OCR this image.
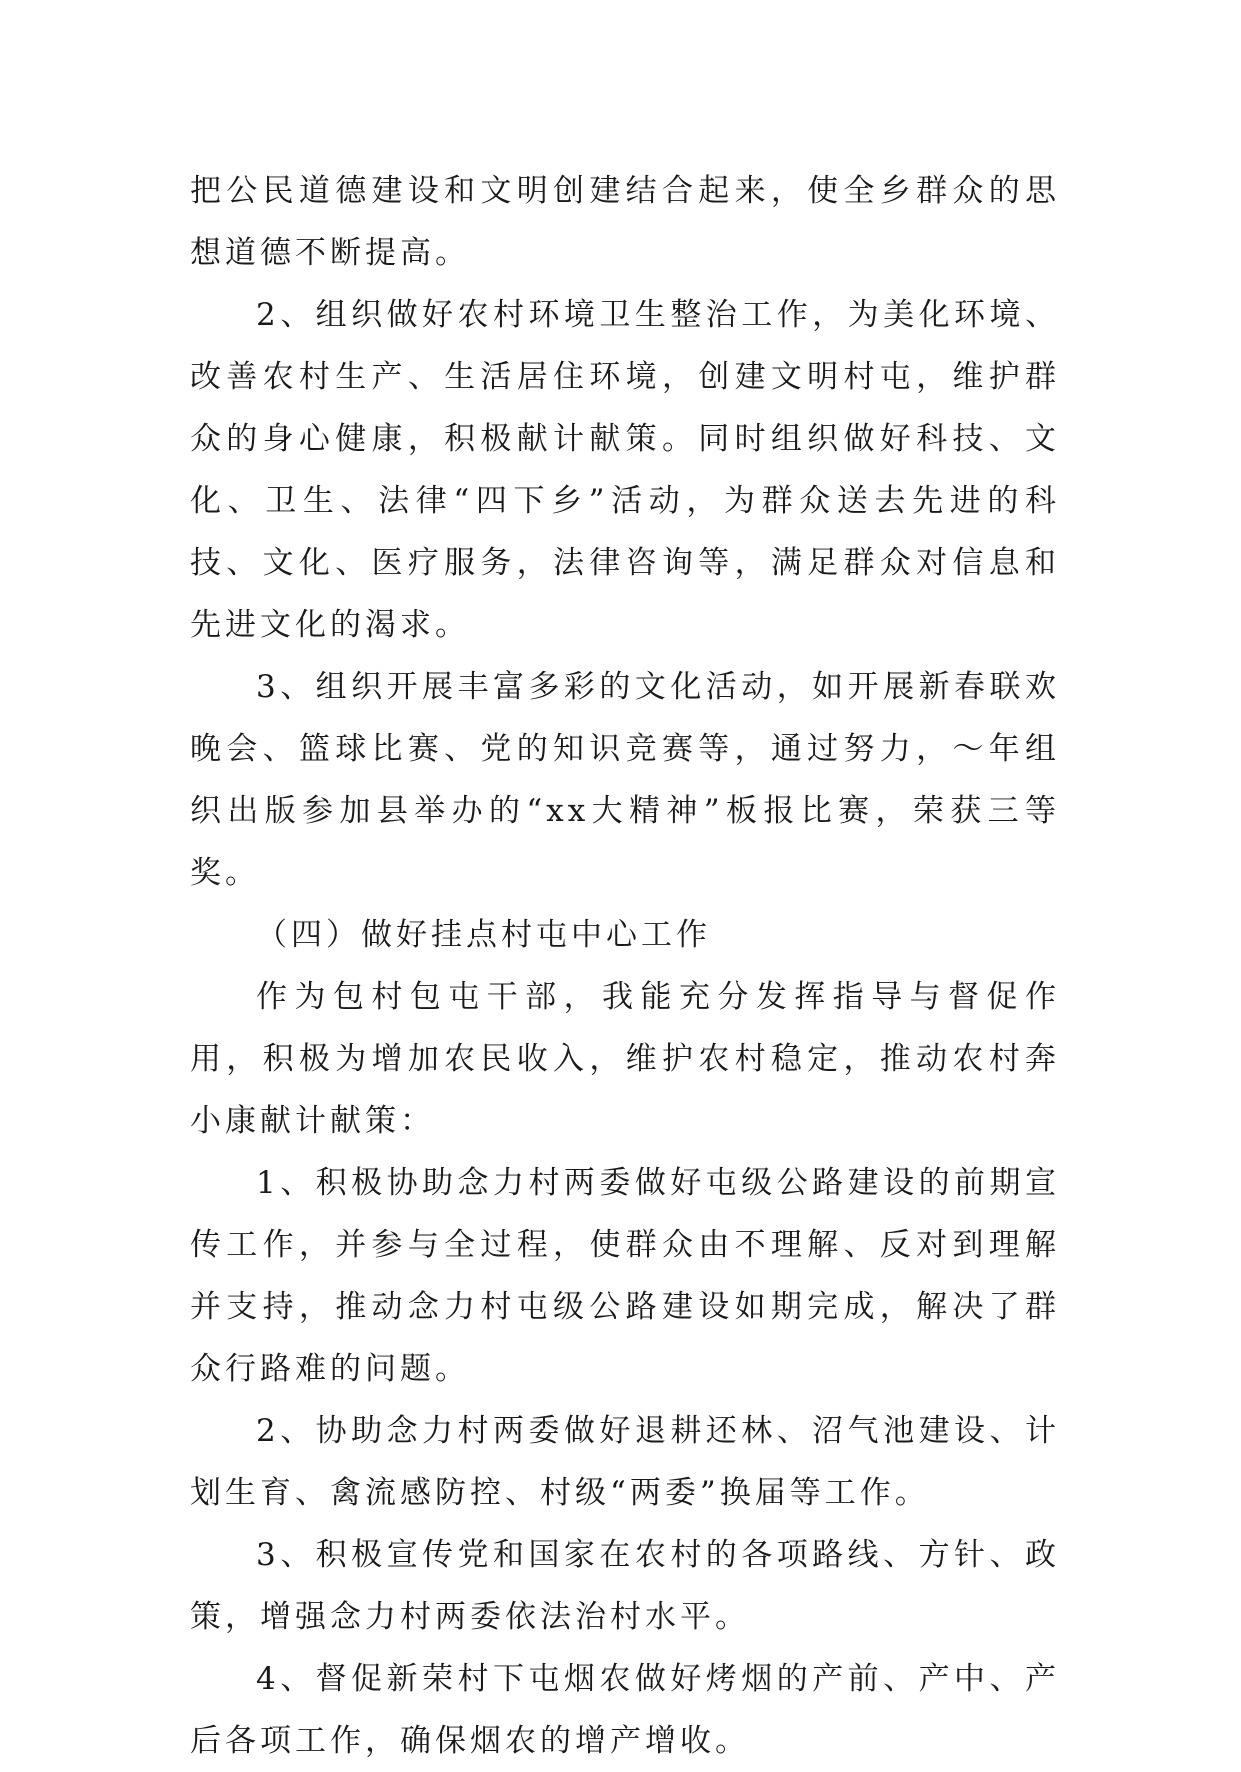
把公民道德建设和文明创建结合起来，使全乡群众的思想道德不断提高。

2、组织做好农村环境卫生整治工作，为美化环境、改善农村生产、生活居住环境，创建文明村屯，维护群众的身心健康，积极献计献策。同时组织做好科技、文化、卫生、法律“四下乡”活动，为群众送去先进的科技、文化、医疗服务，法律咨询等，满足群众对信息和先进文化的渴求。

3、组织开展丰富多彩的文化活动，如开展新春联欢晚会、篮球比赛、党的知识竞赛等，通过努力，～年组织出版参加县举办的“xx大精神”板报比赛，荣获三等奖。

（四）做好挂点村屯中心工作

作为包村包屯干部，我能充分发挥指导与督促作用，积极为增加农民收入，维护农村稳定，推动农村奔小康献计献策：

1、积极协助念力村两委做好屯级公路建设的前期宣传工作，并参与全过程，使群众由不理解、反对到理解并支持，推动念力村屯级公路建设如期完成，解决了群众行路难的问题。

2、协助念力村两委做好退耕还林、沼气池建设、计划生育、禽流感防控、村级“两委”换届等工作。

3、积极宣传党和国家在农村的各项路线、方针、政策，增强念力村两委依法治村水平。

4、督促新荣村下屯烟农做好烤烟的产前、产中、产后各项工作，确保烟农的增产增收。
